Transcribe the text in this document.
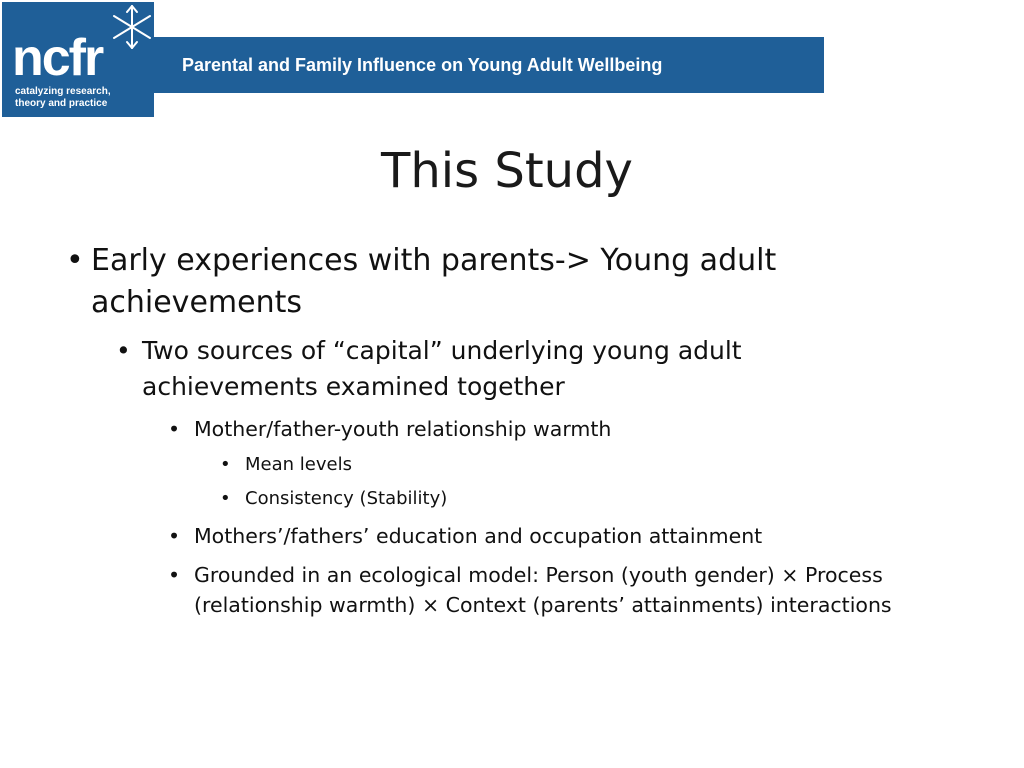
ncfr
catalyzing research,
theory and practice
Parental and Family Influence on Young Adult Wellbeing
This Study
• Early experiences with parents-> Young adult achievements
• Two sources of “capital” underlying young adult achievements examined together
• Mother/father-youth relationship warmth
• Mean levels
• Consistency (Stability)
• Mothers’/fathers’ education and occupation attainment
• Grounded in an ecological model: Person (youth gender) × Process (relationship warmth) × Context (parents’ attainments) interactions
